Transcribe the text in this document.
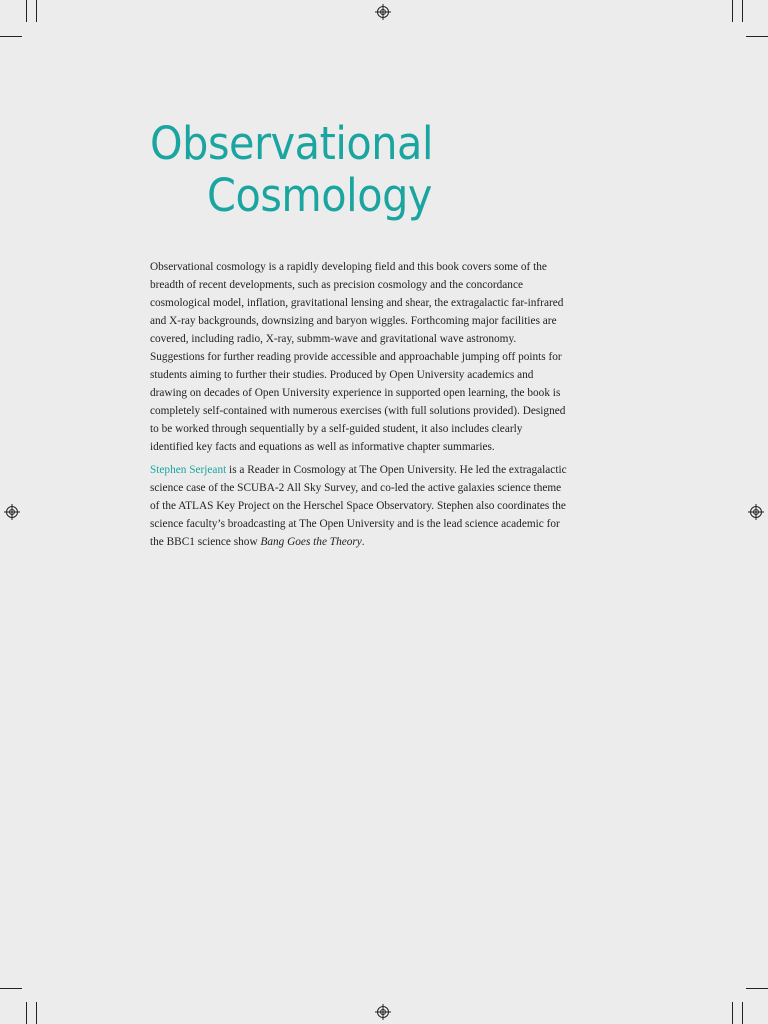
Observational
Cosmology

Observational cosmology is a rapidly developing field and this book covers some of the breadth of recent developments, such as precision cosmology and the concordance cosmological model, inflation, gravitational lensing and shear, the extragalactic far-infrared and X-ray backgrounds, downsizing and baryon wiggles. Forthcoming major facilities are covered, including radio, X-ray, submm-wave and gravitational wave astronomy. Suggestions for further reading provide accessible and approachable jumping off points for students aiming to further their studies. Produced by Open University academics and drawing on decades of Open University experience in supported open learning, the book is completely self-contained with numerous exercises (with full solutions provided). Designed to be worked through sequentially by a self-guided student, it also includes clearly identified key facts and equations as well as informative chapter summaries.

Stephen Serjeant is a Reader in Cosmology at The Open University. He led the extragalactic science case of the SCUBA-2 All Sky Survey, and co-led the active galaxies science theme of the ATLAS Key Project on the Herschel Space Observatory. Stephen also coordinates the science faculty’s broadcasting at The Open University and is the lead science academic for the BBC1 science show Bang Goes the Theory.
